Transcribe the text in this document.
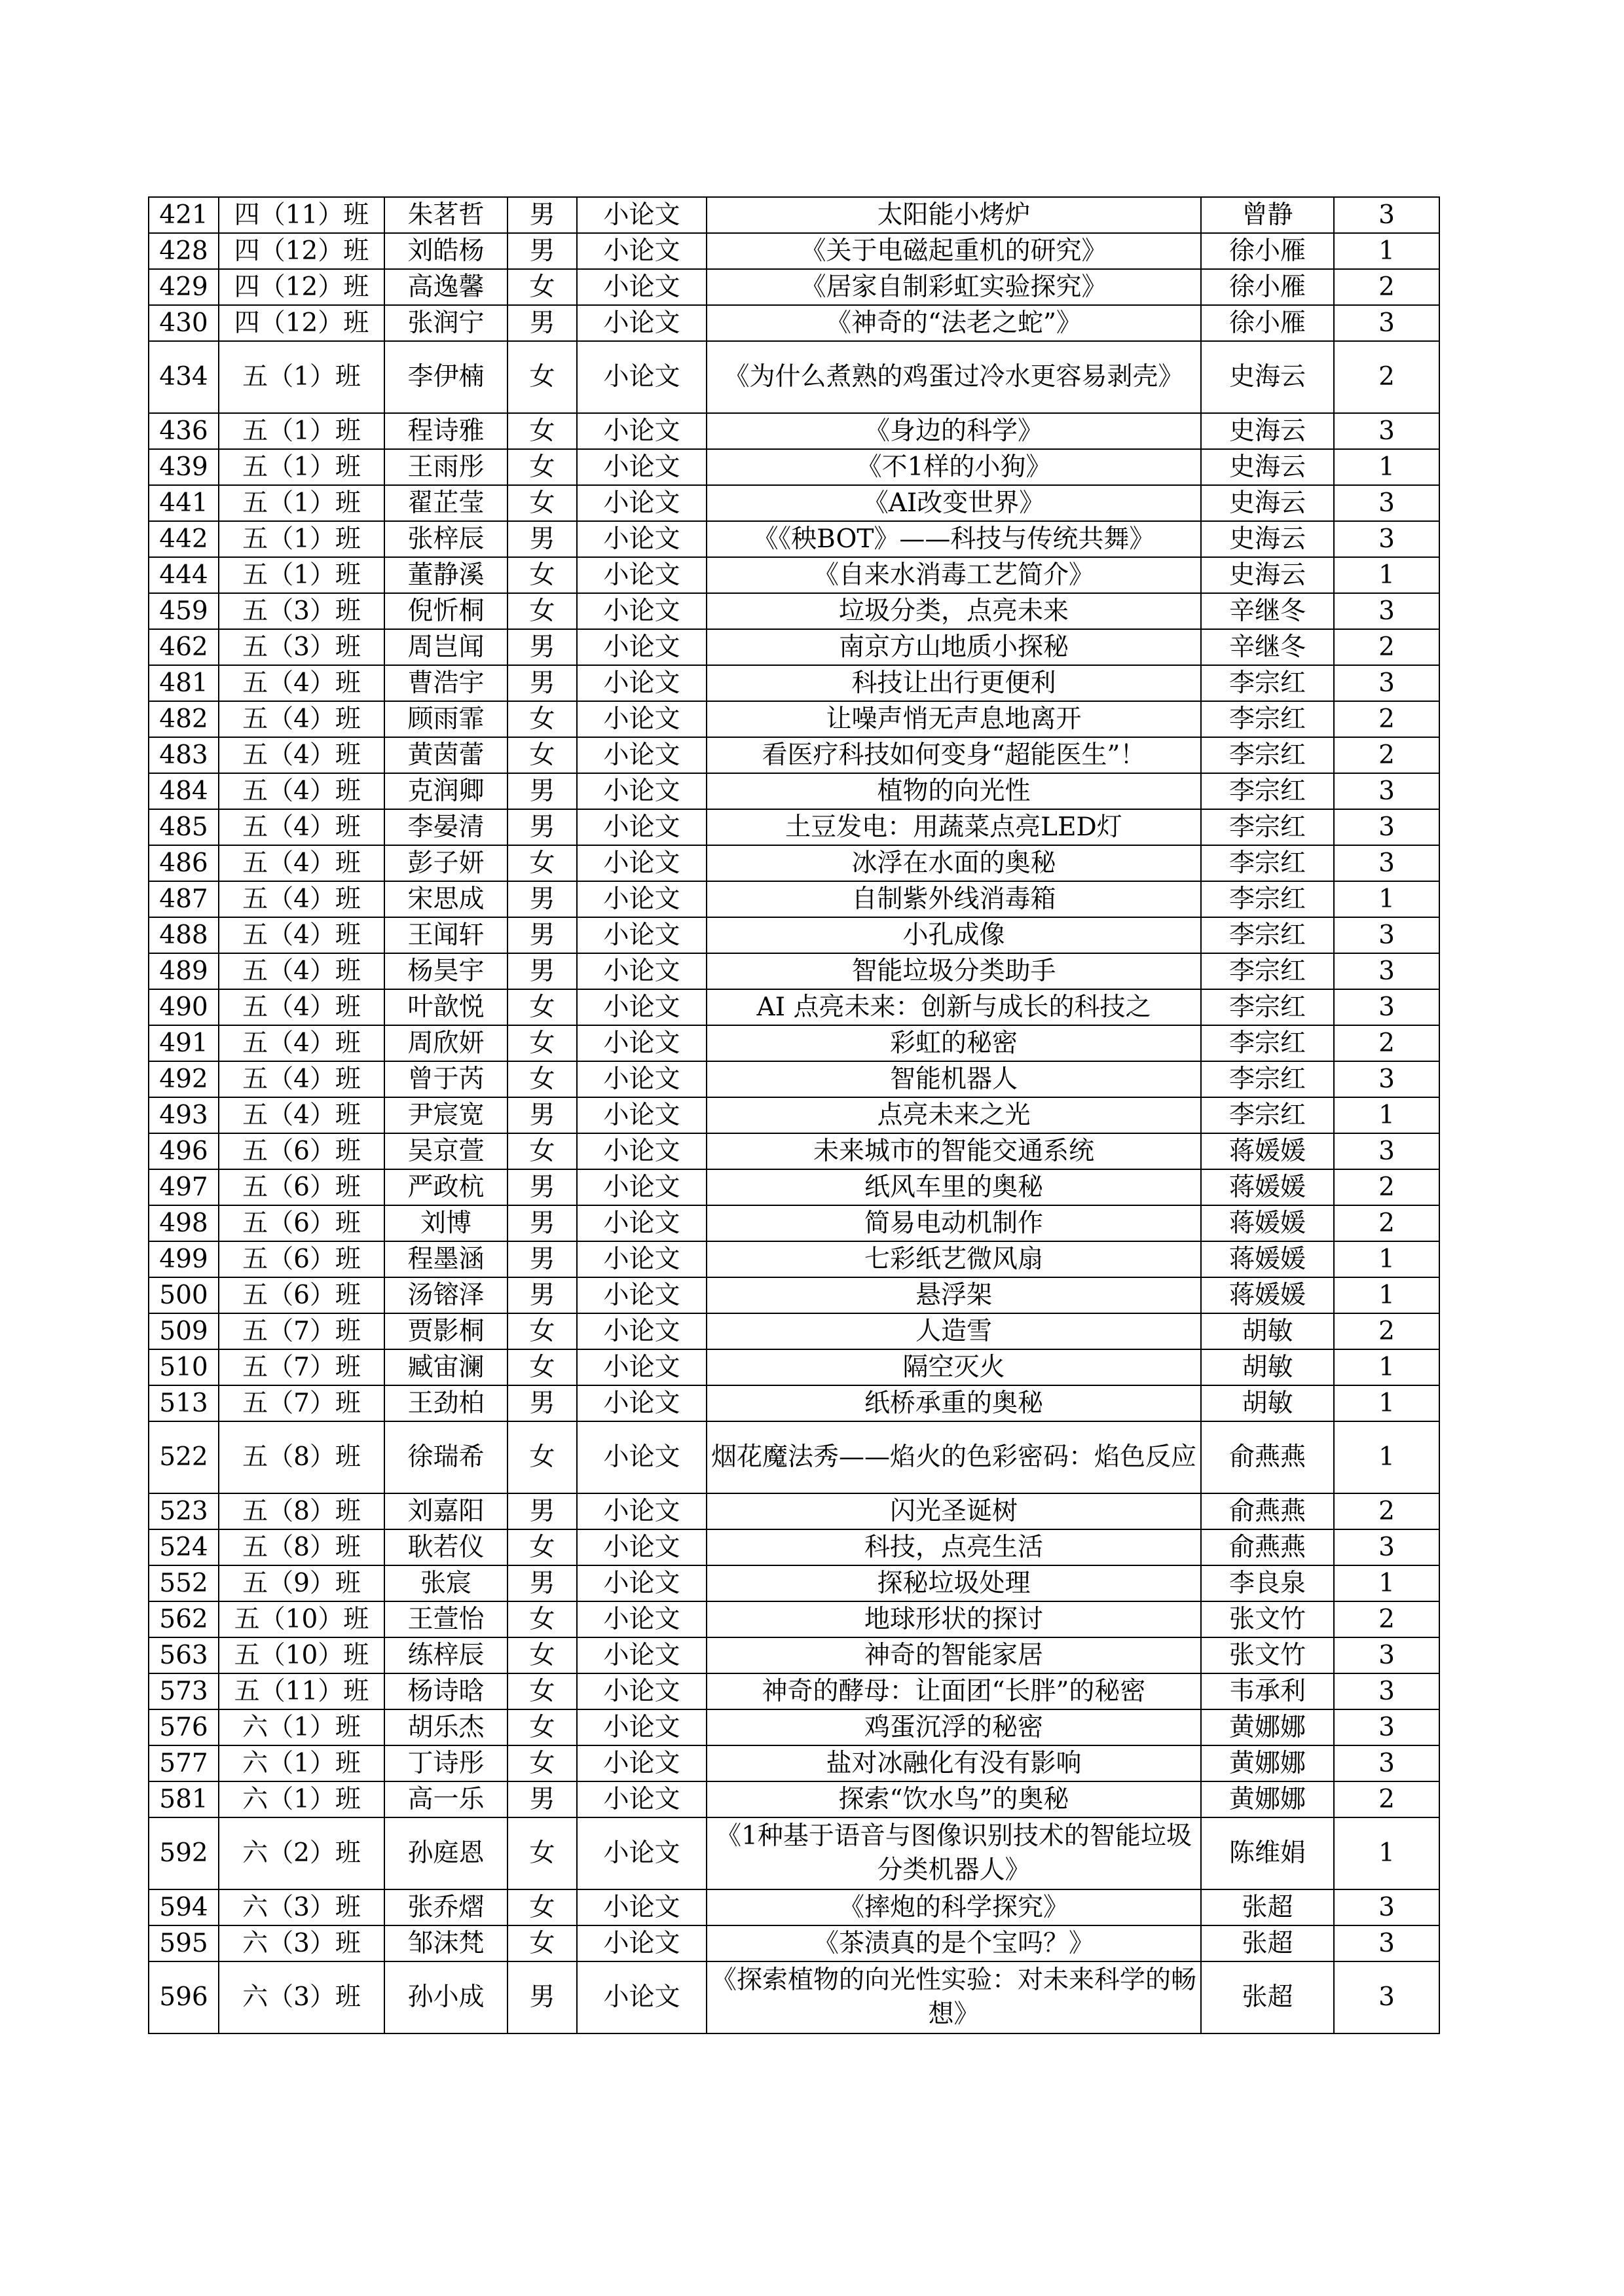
421	四（11）班	朱茗哲	男	小论文	太阳能小烤炉	曾静	3
428	四（12）班	刘皓杨	男	小论文	《关于电磁起重机的研究》	徐小雁	1
429	四（12）班	高逸馨	女	小论文	《居家自制彩虹实验探究》	徐小雁	2
430	四（12）班	张润宁	男	小论文	《神奇的“法老之蛇”》	徐小雁	3
434	五（1）班	李伊楠	女	小论文	《为什么煮熟的鸡蛋过冷水更容易剥壳》	史海云	2
436	五（1）班	程诗雅	女	小论文	《身边的科学》	史海云	3
439	五（1）班	王雨彤	女	小论文	《不1样的小狗》	史海云	1
441	五（1）班	翟芷莹	女	小论文	《AI改变世界》	史海云	3
442	五（1）班	张梓辰	男	小论文	《《秧BOT》——科技与传统共舞》	史海云	3
444	五（1）班	董静溪	女	小论文	《自来水消毒工艺简介》	史海云	1
459	五（3）班	倪忻桐	女	小论文	垃圾分类，点亮未来	辛继冬	3
462	五（3）班	周岂闻	男	小论文	南京方山地质小探秘	辛继冬	2
481	五（4）班	曹浩宇	男	小论文	科技让出行更便利	李宗红	3
482	五（4）班	顾雨霏	女	小论文	让噪声悄无声息地离开	李宗红	2
483	五（4）班	黄茵蕾	女	小论文	看医疗科技如何变身“超能医生”！	李宗红	2
484	五（4）班	克润卿	男	小论文	植物的向光性	李宗红	3
485	五（4）班	李晏清	男	小论文	土豆发电：用蔬菜点亮LED灯	李宗红	3
486	五（4）班	彭子妍	女	小论文	冰浮在水面的奥秘	李宗红	3
487	五（4）班	宋思成	男	小论文	自制紫外线消毒箱	李宗红	1
488	五（4）班	王闻轩	男	小论文	小孔成像	李宗红	3
489	五（4）班	杨昊宇	男	小论文	智能垃圾分类助手	李宗红	3
490	五（4）班	叶歆悦	女	小论文	AI 点亮未来：创新与成长的科技之	李宗红	3
491	五（4）班	周欣妍	女	小论文	彩虹的秘密	李宗红	2
492	五（4）班	曾于芮	女	小论文	智能机器人	李宗红	3
493	五（4）班	尹宸宽	男	小论文	点亮未来之光	李宗红	1
496	五（6）班	吴京萱	女	小论文	未来城市的智能交通系统	蒋媛媛	3
497	五（6）班	严政杭	男	小论文	纸风车里的奥秘	蒋媛媛	2
498	五（6）班	刘博	男	小论文	简易电动机制作	蒋媛媛	2
499	五（6）班	程墨涵	男	小论文	七彩纸艺微风扇	蒋媛媛	1
500	五（6）班	汤镕泽	男	小论文	悬浮架	蒋媛媛	1
509	五（7）班	贾影桐	女	小论文	人造雪	胡敏	2
510	五（7）班	臧宙澜	女	小论文	隔空灭火	胡敏	1
513	五（7）班	王劲柏	男	小论文	纸桥承重的奥秘	胡敏	1
522	五（8）班	徐瑞希	女	小论文	烟花魔法秀——焰火的色彩密码：焰色反应	俞燕燕	1
523	五（8）班	刘嘉阳	男	小论文	闪光圣诞树	俞燕燕	2
524	五（8）班	耿若仪	女	小论文	科技，点亮生活	俞燕燕	3
552	五（9）班	张宸	男	小论文	探秘垃圾处理	李良泉	1
562	五（10）班	王萱怡	女	小论文	地球形状的探讨	张文竹	2
563	五（10）班	练梓辰	女	小论文	神奇的智能家居	张文竹	3
573	五（11）班	杨诗晗	女	小论文	神奇的酵母：让面团“长胖”的秘密	韦承利	3
576	六（1）班	胡乐杰	女	小论文	鸡蛋沉浮的秘密	黄娜娜	3
577	六（1）班	丁诗彤	女	小论文	盐对冰融化有没有影响	黄娜娜	3
581	六（1）班	高一乐	男	小论文	探索“饮水鸟”的奥秘	黄娜娜	2
592	六（2）班	孙庭恩	女	小论文	《1种基于语音与图像识别技术的智能垃圾分类机器人》	陈维娟	1
594	六（3）班	张乔熠	女	小论文	《摔炮的科学探究》	张超	3
595	六（3）班	邹沫梵	女	小论文	《茶渍真的是个宝吗？》	张超	3
596	六（3）班	孙小成	男	小论文	《探索植物的向光性实验：对未来科学的畅想》	张超	3
